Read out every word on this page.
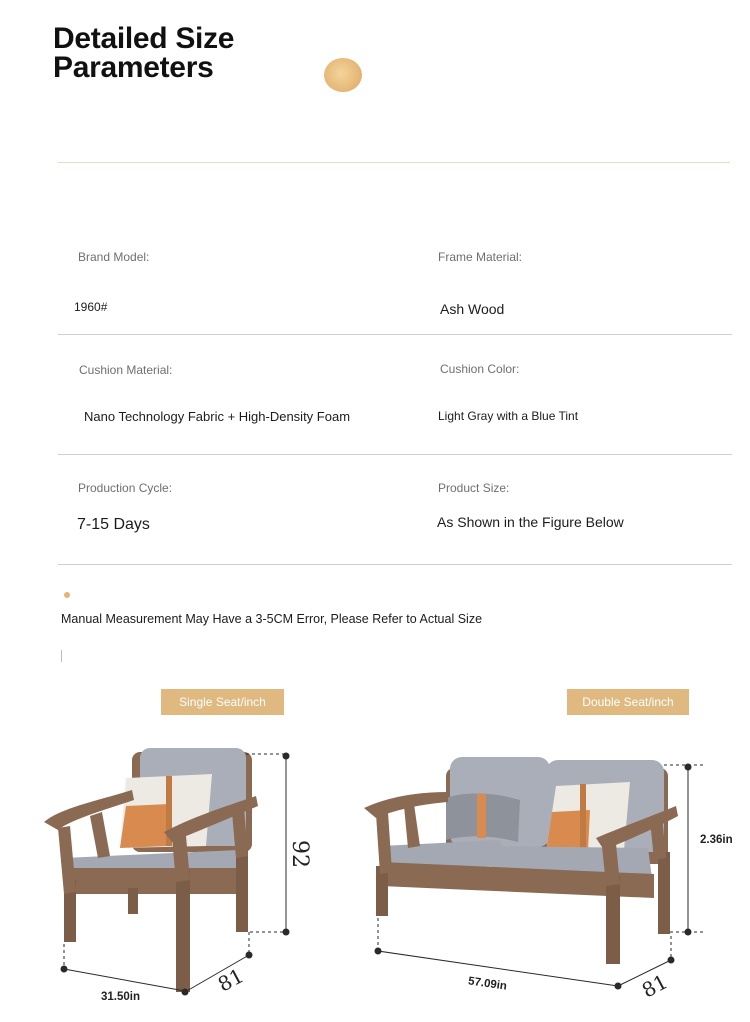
Detailed Size
Parameters
Brand Model:
1960#
Frame Material:
Ash Wood
Cushion Material:
Nano Technology Fabric + High-Density Foam
Cushion Color:
Light Gray with a Blue Tint
Production Cycle:
7-15 Days
Product Size:
As Shown in the Figure Below
Manual Measurement May Have a 3-5CM Error, Please Refer to Actual Size
Single Seat/inch	Double Seat/inch
92
31.50in
81
2.36in
57.09in	81
